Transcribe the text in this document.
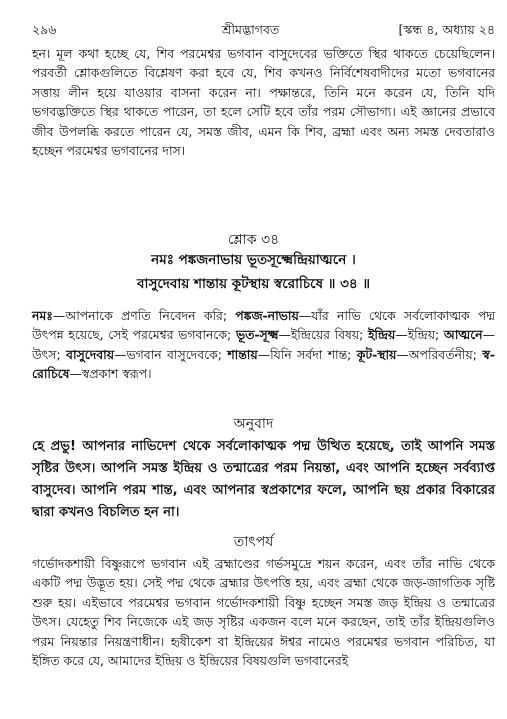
২৯৬	শ্রীমদ্ভাগবত	[স্কন্ধ ৪, অধ্যায় ২৪

হন। মূল কথা হচ্ছে যে, শিব পরমেশ্বর ভগবান বাসুদেবের ভক্তিতে স্থির থাকতে চেয়েছিলেন। পরবর্তী শ্লোকগুলিতে বিশ্লেষণ করা হবে যে, শিব কখনও নির্বিশেষবাদীদের মতো ভগবানের সত্তায় লীন হয়ে যাওয়ার বাসনা করেন না। পক্ষান্তরে, তিনি মনে করেন যে, তিনি যদি ভগবদ্ভক্তিতে স্থির থাকতে পারেন, তা হলে সেটি হবে তাঁর পরম সৌভাগ্য। এই জ্ঞানের প্রভাবে জীব উপলব্ধি করতে পারেন যে, সমস্ত জীব, এমন কি শিব, ব্রহ্মা এবং অন্য সমস্ত দেবতারাও হচ্ছেন পরমেশ্বর ভগবানের দাস।

শ্লোক ৩৪
নমঃ পঙ্কজনাভায় ভূতসূক্ষ্মেন্দ্রিয়াত্মনে ।
বাসুদেবায় শান্তায় কূটস্থায় স্বরোচিষে ॥ ৩৪ ॥

নমঃ—আপনাকে প্রণতি নিবেদন করি; পঙ্কজ-নাভায়—যাঁর নাভি থেকে সর্বলোকাত্মক পদ্ম উৎপন্ন হয়েছে, সেই পরমেশ্বর ভগবানকে; ভূত-সূক্ষ্ম—ইন্দ্রিয়ের বিষয়; ইন্দ্রিয়—ইন্দ্রিয়; আত্মনে—উৎস; বাসুদেবায়—ভগবান বাসুদেবকে; শান্তায়—যিনি সর্বদা শান্ত; কূট-স্থায়—অপরিবর্তনীয়; স্ব-রোচিষে—স্বপ্রকাশ স্বরূপ।

অনুবাদ

হে প্রভু! আপনার নাভিদেশ থেকে সর্বলোকাত্মক পদ্ম উত্থিত হয়েছে, তাই আপনি সমস্ত সৃষ্টির উৎস। আপনি সমস্ত ইন্দ্রিয় ও তন্মাত্রের পরম নিয়ন্তা, এবং আপনি হচ্ছেন সর্বব্যাপ্ত বাসুদেব। আপনি পরম শান্ত, এবং আপনার স্বপ্রকাশের ফলে, আপনি ছয় প্রকার বিকারের দ্বারা কখনও বিচলিত হন না।

তাৎপর্য

গর্ভোদকশায়ী বিষ্ণুরূপে ভগবান এই ব্রহ্মাণ্ডের গর্ভসমুদ্রে শয়ন করেন, এবং তাঁর নাভি থেকে একটি পদ্ম উদ্ভূত হয়। সেই পদ্ম থেকে ব্রহ্মার উৎপত্তি হয়, এবং ব্রহ্মা থেকে জড়-জাগতিক সৃষ্টি শুরু হয়। এইভাবে পরমেশ্বর ভগবান গর্ভোদকশায়ী বিষ্ণু হচ্ছেন সমস্ত জড় ইন্দ্রিয় ও তন্মাত্রের উৎস। যেহেতু শিব নিজেকে এই জড় সৃষ্টির একজন বলে মনে করছেন, তাই তাঁর ইন্দ্রিয়গুলিও পরম নিয়ন্তার নিয়ন্ত্রণাধীন। হৃষীকেশ বা ইন্দ্রিয়ের ঈশ্বর নামেও পরমেশ্বর ভগবান পরিচিত, যা ইঙ্গিত করে যে, আমাদের ইন্দ্রিয় ও ইন্দ্রিয়ের বিষয়গুলি ভগবানেরই
